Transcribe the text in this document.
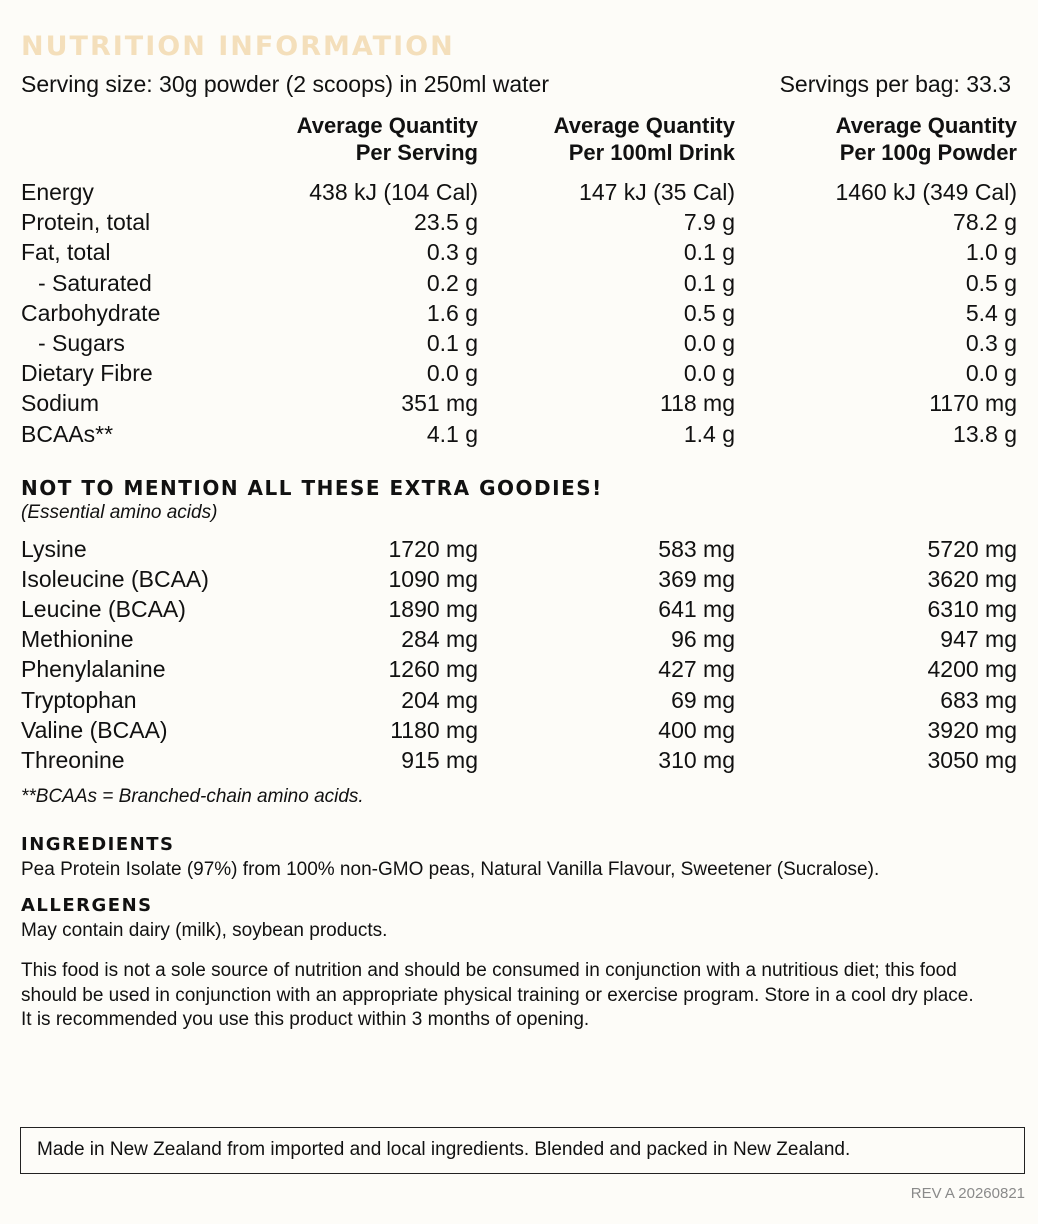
NUTRITION INFORMATION
Serving size: 30g powder (2 scoops) in 250ml water	Servings per bag: 33.3
Average Quantity
Per Serving
Average Quantity
Per 100ml Drink
Average Quantity
Per 100g Powder
Energy	438 kJ (104 Cal)	147 kJ (35 Cal)	1460 kJ (349 Cal)
Protein, total	23.5 g	7.9 g	78.2 g
Fat, total	0.3 g	0.1 g	1.0 g
- Saturated	0.2 g	0.1 g	0.5 g
Carbohydrate	1.6 g	0.5 g	5.4 g
- Sugars	0.1 g	0.0 g	0.3 g
Dietary Fibre	0.0 g	0.0 g	0.0 g
Sodium	351 mg	118 mg	1170 mg
BCAAs**	4.1 g	1.4 g	13.8 g
NOT TO MENTION ALL THESE EXTRA GOODIES!
(Essential amino acids)
Lysine	1720 mg	583 mg	5720 mg
Isoleucine (BCAA)	1090 mg	369 mg	3620 mg
Leucine (BCAA)	1890 mg	641 mg	6310 mg
Methionine	284 mg	96 mg	947 mg
Phenylalanine	1260 mg	427 mg	4200 mg
Tryptophan	204 mg	69 mg	683 mg
Valine (BCAA)	1180 mg	400 mg	3920 mg
Threonine	915 mg	310 mg	3050 mg
**BCAAs = Branched-chain amino acids.
INGREDIENTS
Pea Protein Isolate (97%) from 100% non-GMO peas, Natural Vanilla Flavour, Sweetener (Sucralose).
ALLERGENS
May contain dairy (milk), soybean products.
This food is not a sole source of nutrition and should be consumed in conjunction with a nutritious diet; this food should be used in conjunction with an appropriate physical training or exercise program. Store in a cool dry place. It is recommended you use this product within 3 months of opening.
Made in New Zealand from imported and local ingredients. Blended and packed in New Zealand.
REV A 20260821
